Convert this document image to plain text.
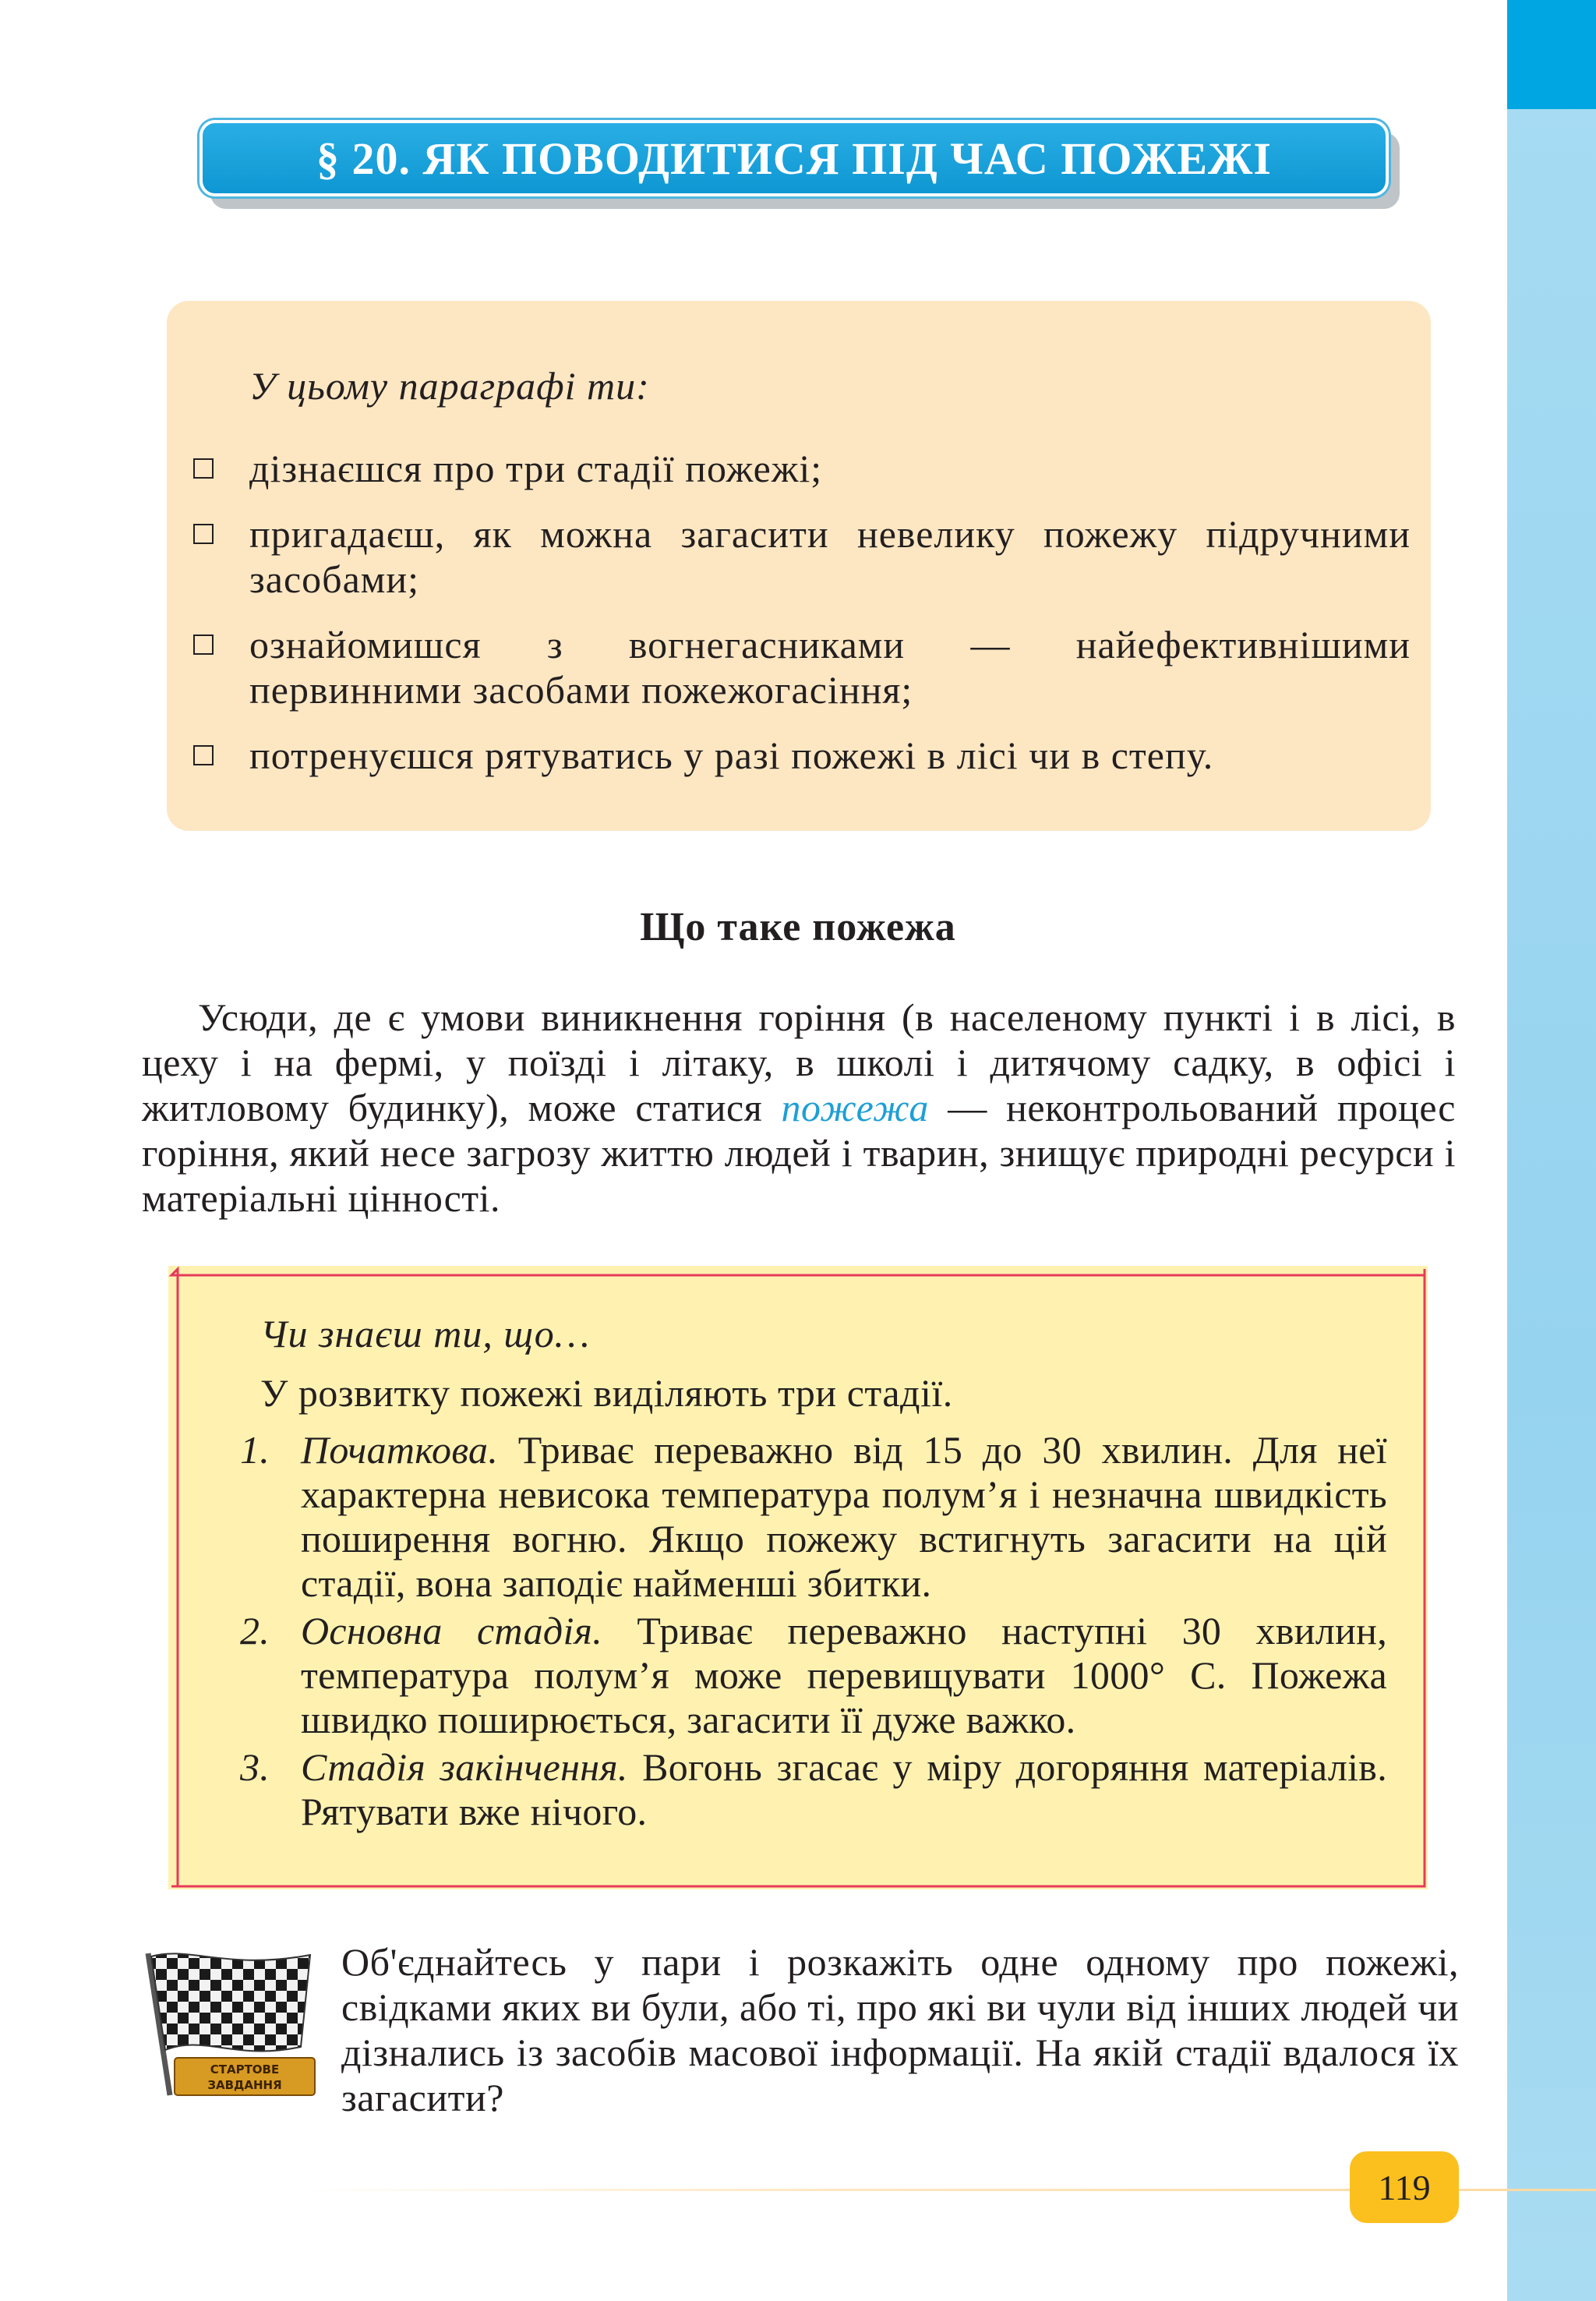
§ 20. ЯК ПОВОДИТИСЯ ПІД ЧАС ПОЖЕЖІ
У цьому параграфі ти:
дізнаєшся про три стадії пожежі;
пригадаєш, як можна загасити невелику пожежу підручними засобами;
ознайомишся з вогнегасниками — найефективнішими первинними засобами пожежогасіння;
потренуєшся рятуватись у разі пожежі в лісі чи в степу.
Що таке пожежа

Усюди, де є умови виникнення горіння (в населеному пункті і в лісі, в цеху і на фермі, у поїзді і літаку, в школі і дитячому садку, в офісі і житловому будинку), може статися пожежа — неконтрольований процес горіння, який несе загрозу життю людей і тварин, знищує природні ресурси і матеріальні цінності.

Чи знаєш ти, що…
У розвитку пожежі виділяють три стадії.
1. Початкова. Триває переважно від 15 до 30 хвилин. Для неї характерна невисока температура полум’я і незначна швидкість поширення вогню. Якщо пожежу встигнуть загасити на цій стадії, вона заподіє найменші збитки.
2. Основна стадія. Триває переважно наступні 30 хвилин, температура полум’я може перевищувати 1000° С. Пожежа швидко поширюється, загасити її дуже важко.
3. Стадія закінчення. Вогонь згасає у міру догоряння матеріалів. Рятувати вже нічого.
СТАРТОВЕ
ЗАВДАННЯ
Об'єднайтесь у пари і розкажіть одне одному про пожежі, свідками яких ви були, або ті, про які ви чули від інших людей чи дізнались із засобів масової інформації. На якій стадії вдалося їх загасити?
119
